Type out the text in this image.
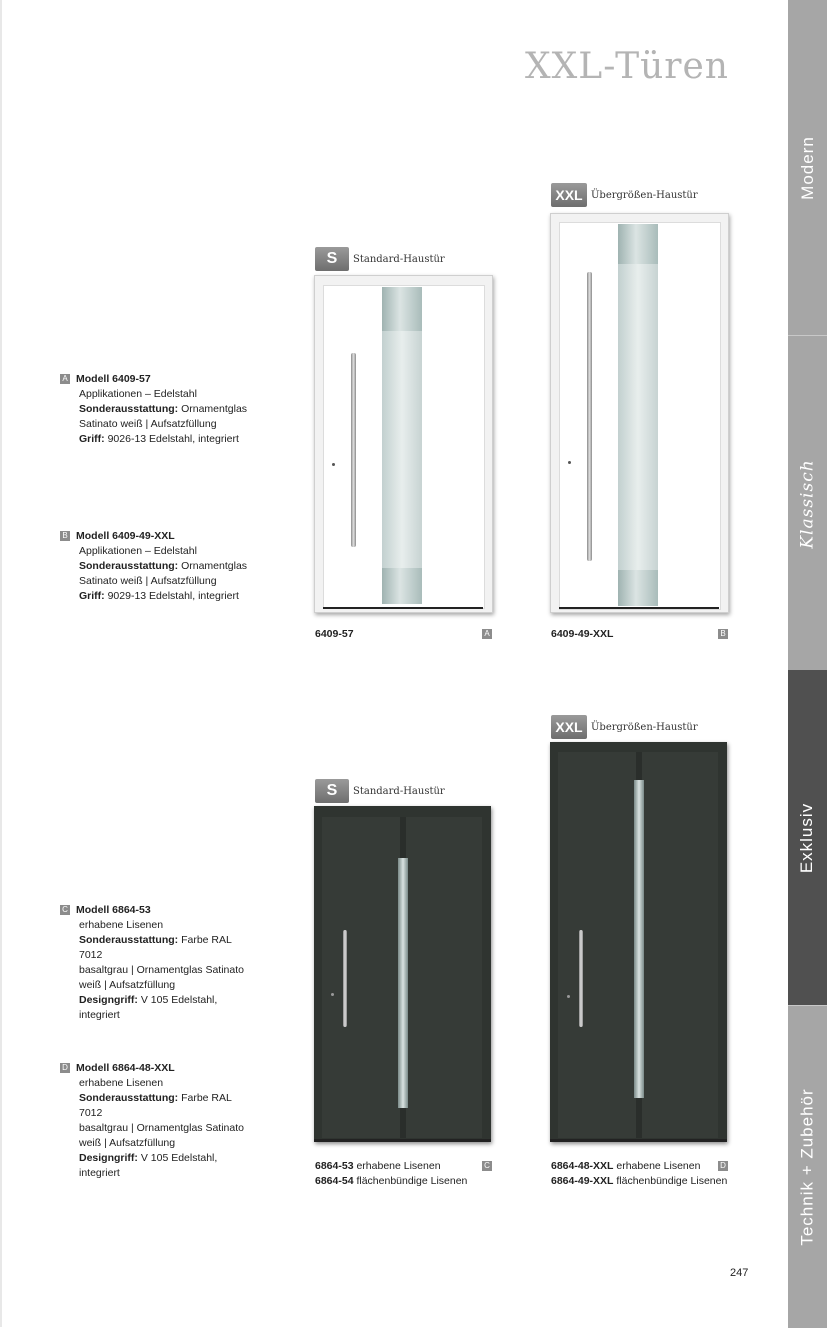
XXL-Türen
Modern
Klassisch
Exklusiv
Technik + Zubehör
A Modell 6409-57
Applikationen – Edelstahl
Sonderausstattung: Ornamentglas
Satinato weiß | Aufsatzfüllung
Griff: 9026-13 Edelstahl, integriert
B Modell 6409-49-XXL
Applikationen – Edelstahl
Sonderausstattung: Ornamentglas
Satinato weiß | Aufsatzfüllung
Griff: 9029-13 Edelstahl, integriert
C Modell 6864-53
erhabene Lisenen
Sonderausstattung: Farbe RAL 7012
basaltgrau | Ornamentglas Satinato
weiß | Aufsatzfüllung
Designgriff: V 105 Edelstahl,
integriert
D Modell 6864-48-XXL
erhabene Lisenen
Sonderausstattung: Farbe RAL 7012
basaltgrau | Ornamentglas Satinato
weiß | Aufsatzfüllung
Designgriff: V 105 Edelstahl,
integriert
S	Standard-Haustür
XXL Übergrößen-Haustür
S	Standard-Haustür
XXL Übergrößen-Haustür
6409-57	A	6409-49-XXL	B
6864-53 erhabene Lisenen
6864-54 flächenbündige Lisenen
C	6864-48-XXL erhabene Lisenen
6864-49-XXL flächenbündige Lisenen
D
247
